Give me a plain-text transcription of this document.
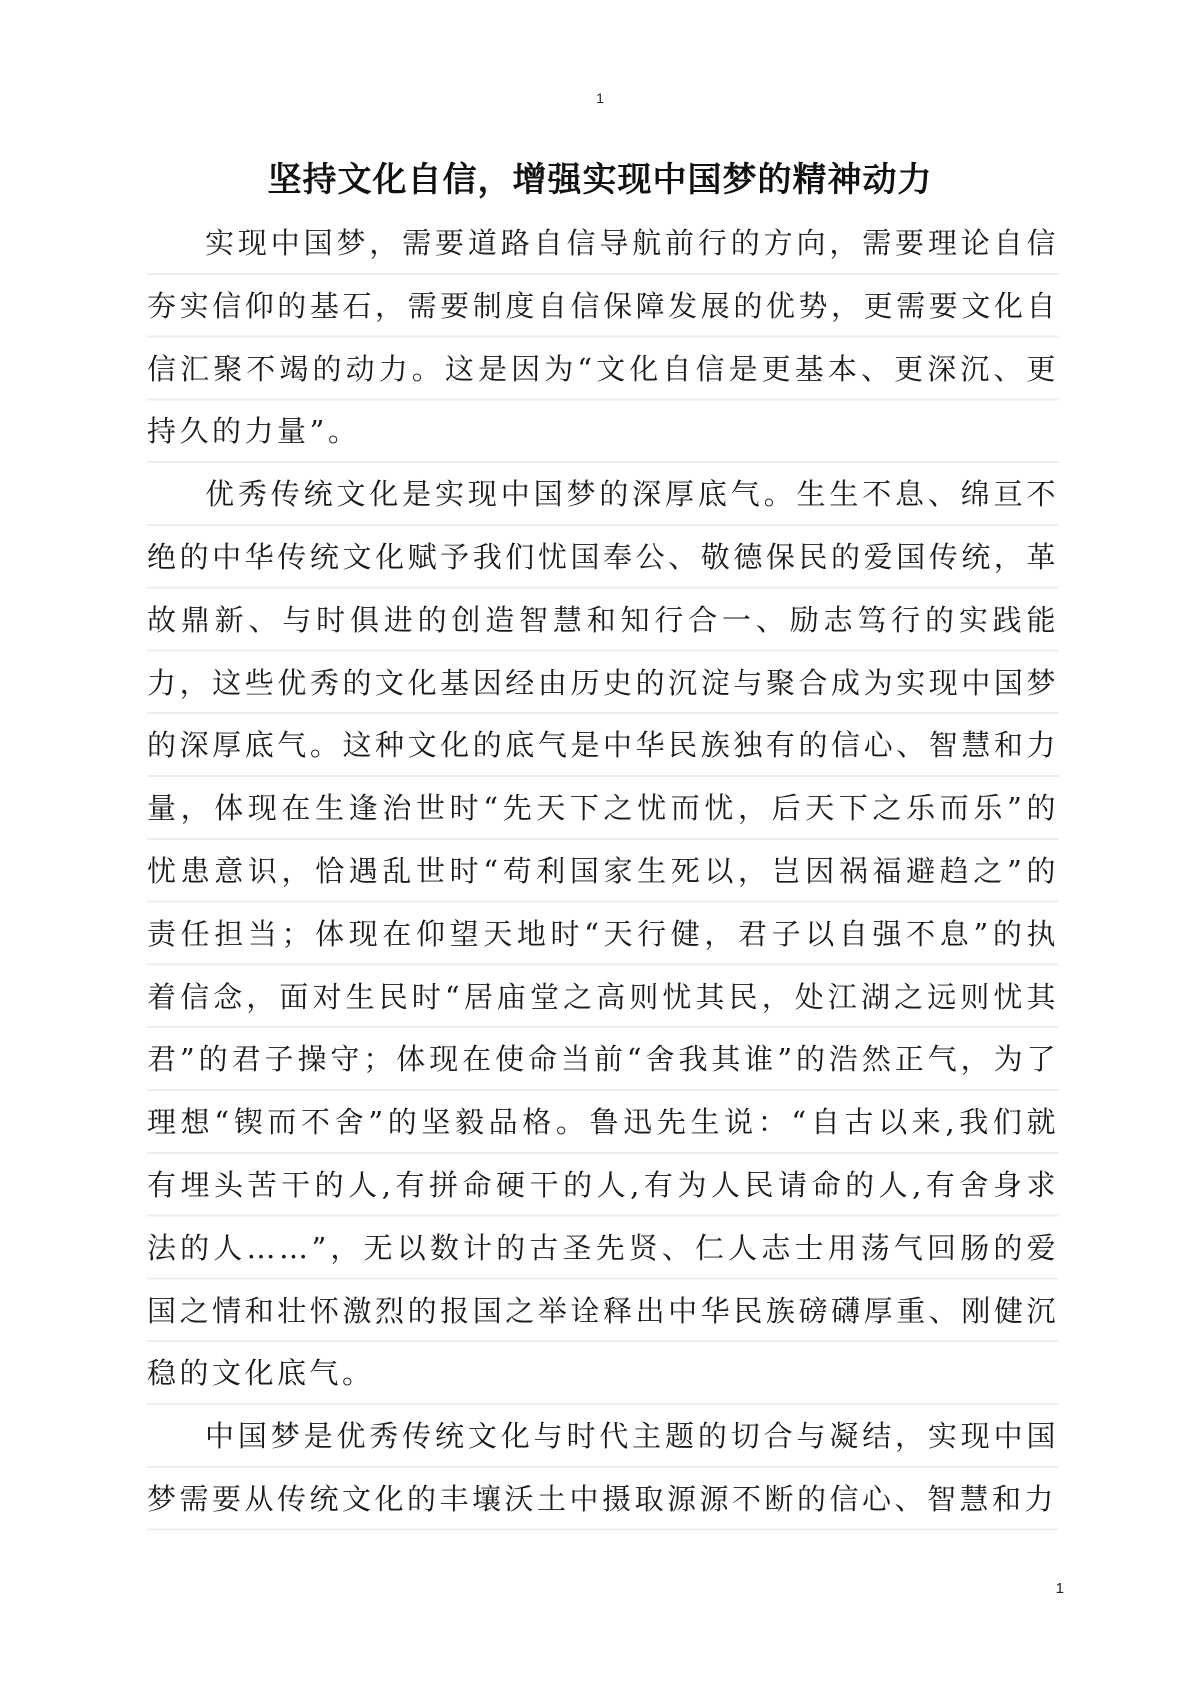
1
坚持文化自信，增强实现中国梦的精神动力

实现中国梦，需要道路自信导航前行的方向，需要理论自信夯实信仰的基石，需要制度自信保障发展的优势，更需要文化自信汇聚不竭的动力。这是因为“文化自信是更基本、更深沉、更持久的力量”。

优秀传统文化是实现中国梦的深厚底气。生生不息、绵亘不绝的中华传统文化赋予我们忧国奉公、敬德保民的爱国传统，革故鼎新、与时俱进的创造智慧和知行合一、励志笃行的实践能力，这些优秀的文化基因经由历史的沉淀与聚合成为实现中国梦的深厚底气。这种文化的底气是中华民族独有的信心、智慧和力量，体现在生逢治世时“先天下之忧而忧，后天下之乐而乐”的忧患意识，恰遇乱世时“苟利国家生死以，岂因祸福避趋之”的责任担当；体现在仰望天地时“天行健，君子以自强不息”的执着信念，面对生民时“居庙堂之高则忧其民，处江湖之远则忧其君”的君子操守；体现在使命当前“舍我其谁”的浩然正气，为了理想“锲而不舍”的坚毅品格。鲁迅先生说：“自古以来,我们就有埋头苦干的人,有拼命硬干的人,有为人民请命的人,有舍身求法的人……”，无以数计的古圣先贤、仁人志士用荡气回肠的爱国之情和壮怀激烈的报国之举诠释出中华民族磅礴厚重、刚健沉稳的文化底气。

中国梦是优秀传统文化与时代主题的切合与凝结，实现中国梦需要从传统文化的丰壤沃土中摄取源源不断的信心、智慧和力

1
